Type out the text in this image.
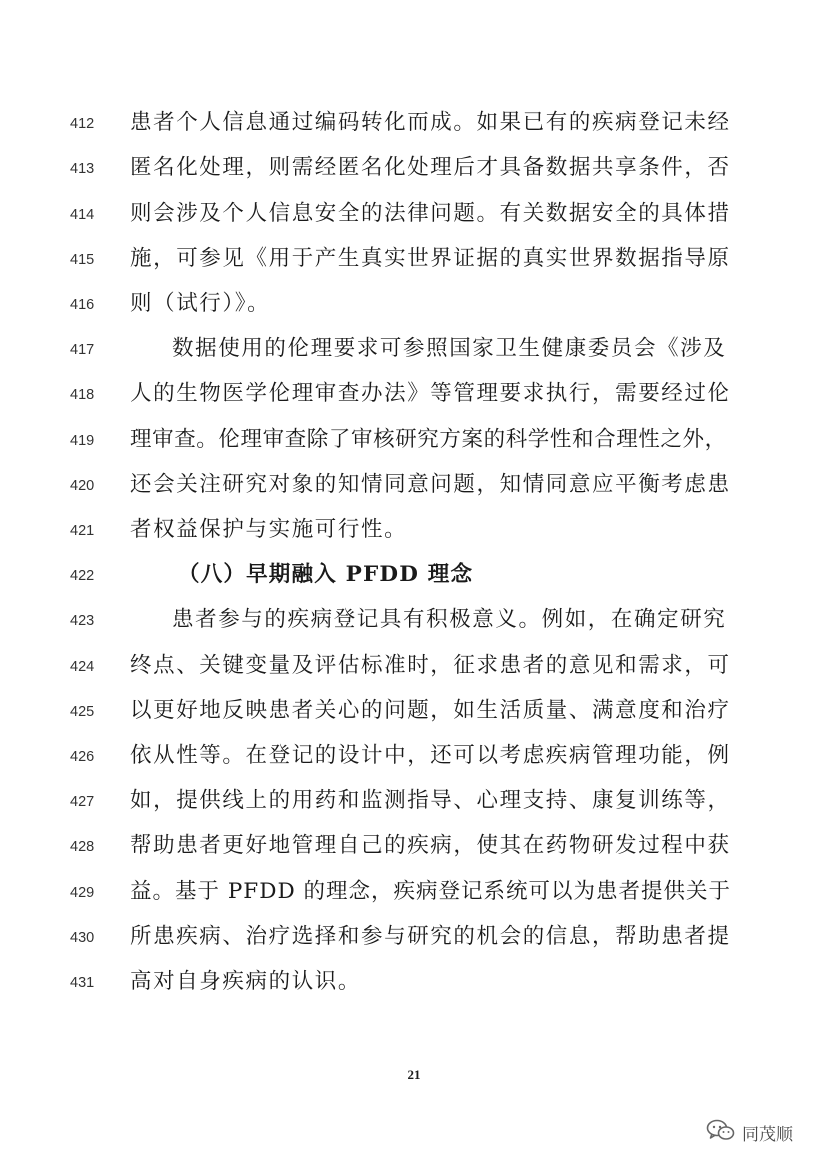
412	患者个人信息通过编码转化而成。如果已有的疾病登记未经
413	匿名化处理，则需经匿名化处理后才具备数据共享条件，否
414	则会涉及个人信息安全的法律问题。有关数据安全的具体措
415	施，可参见《用于产生真实世界证据的真实世界数据指导原
416	则（试行）》。
417	数据使用的伦理要求可参照国家卫生健康委员会《涉及
418	人的生物医学伦理审查办法》等管理要求执行，需要经过伦
419	理审查。伦理审查除了审核研究方案的科学性和合理性之外，
420	还会关注研究对象的知情同意问题，知情同意应平衡考虑患
421	者权益保护与实施可行性。
422	（八）早期融入 PFDD 理念
423	患者参与的疾病登记具有积极意义。例如，在确定研究
424	终点、关键变量及评估标准时，征求患者的意见和需求，可
425	以更好地反映患者关心的问题，如生活质量、满意度和治疗
426	依从性等。在登记的设计中，还可以考虑疾病管理功能，例
427	如，提供线上的用药和监测指导、心理支持、康复训练等，
428	帮助患者更好地管理自己的疾病，使其在药物研发过程中获
429	益。基于 PFDD 的理念，疾病登记系统可以为患者提供关于
430	所患疾病、治疗选择和参与研究的机会的信息，帮助患者提
431	高对自身疾病的认识。
21
同茂顺
